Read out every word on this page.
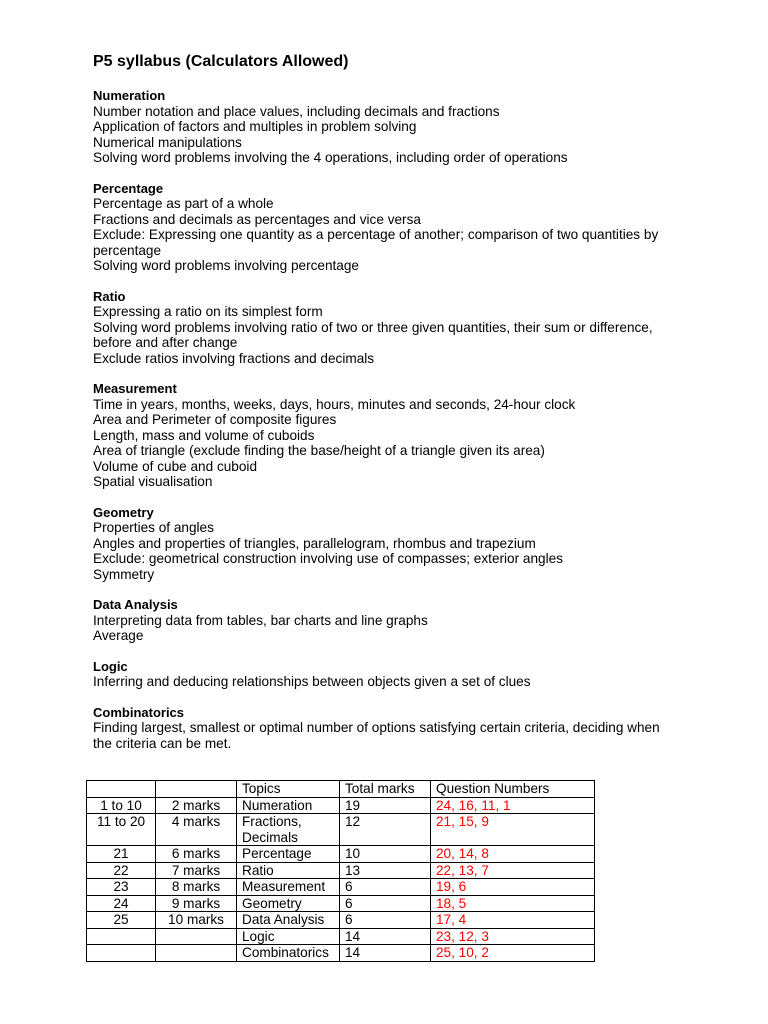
P5 syllabus (Calculators Allowed)
Numeration
Number notation and place values, including decimals and fractions
Application of factors and multiples in problem solving
Numerical manipulations
Solving word problems involving the 4 operations, including order of operations
Percentage
Percentage as part of a whole
Fractions and decimals as percentages and vice versa
Exclude: Expressing one quantity as a percentage of another; comparison of two quantities by
percentage
Solving word problems involving percentage
Ratio
Expressing a ratio on its simplest form
Solving word problems involving ratio of two or three given quantities, their sum or difference,
before and after change
Exclude ratios involving fractions and decimals
Measurement
Time in years, months, weeks, days, hours, minutes and seconds, 24-hour clock
Area and Perimeter of composite figures
Length, mass and volume of cuboids
Area of triangle (exclude finding the base/height of a triangle given its area)
Volume of cube and cuboid
Spatial visualisation
Geometry
Properties of angles
Angles and properties of triangles, parallelogram, rhombus and trapezium
Exclude: geometrical construction involving use of compasses; exterior angles
Symmetry
Data Analysis
Interpreting data from tables, bar charts and line graphs
Average
Logic
Inferring and deducing relationships between objects given a set of clues
Combinatorics
Finding largest, smallest or optimal number of options satisfying certain criteria, deciding when
the criteria can be met.
		Topics	Total marks	Question Numbers
1 to 10	2 marks	Numeration	19	24, 16, 11, 1
11 to 20	4 marks	Fractions,
Decimals	12	21, 15, 9
21	6 marks	Percentage	10	20, 14, 8
22	7 marks	Ratio	13	22, 13, 7
23	8 marks	Measurement	6	19, 6
24	9 marks	Geometry	6	18, 5
25	10 marks	Data Analysis	6	17, 4
		Logic	14	23, 12, 3
		Combinatorics	14	25, 10, 2
